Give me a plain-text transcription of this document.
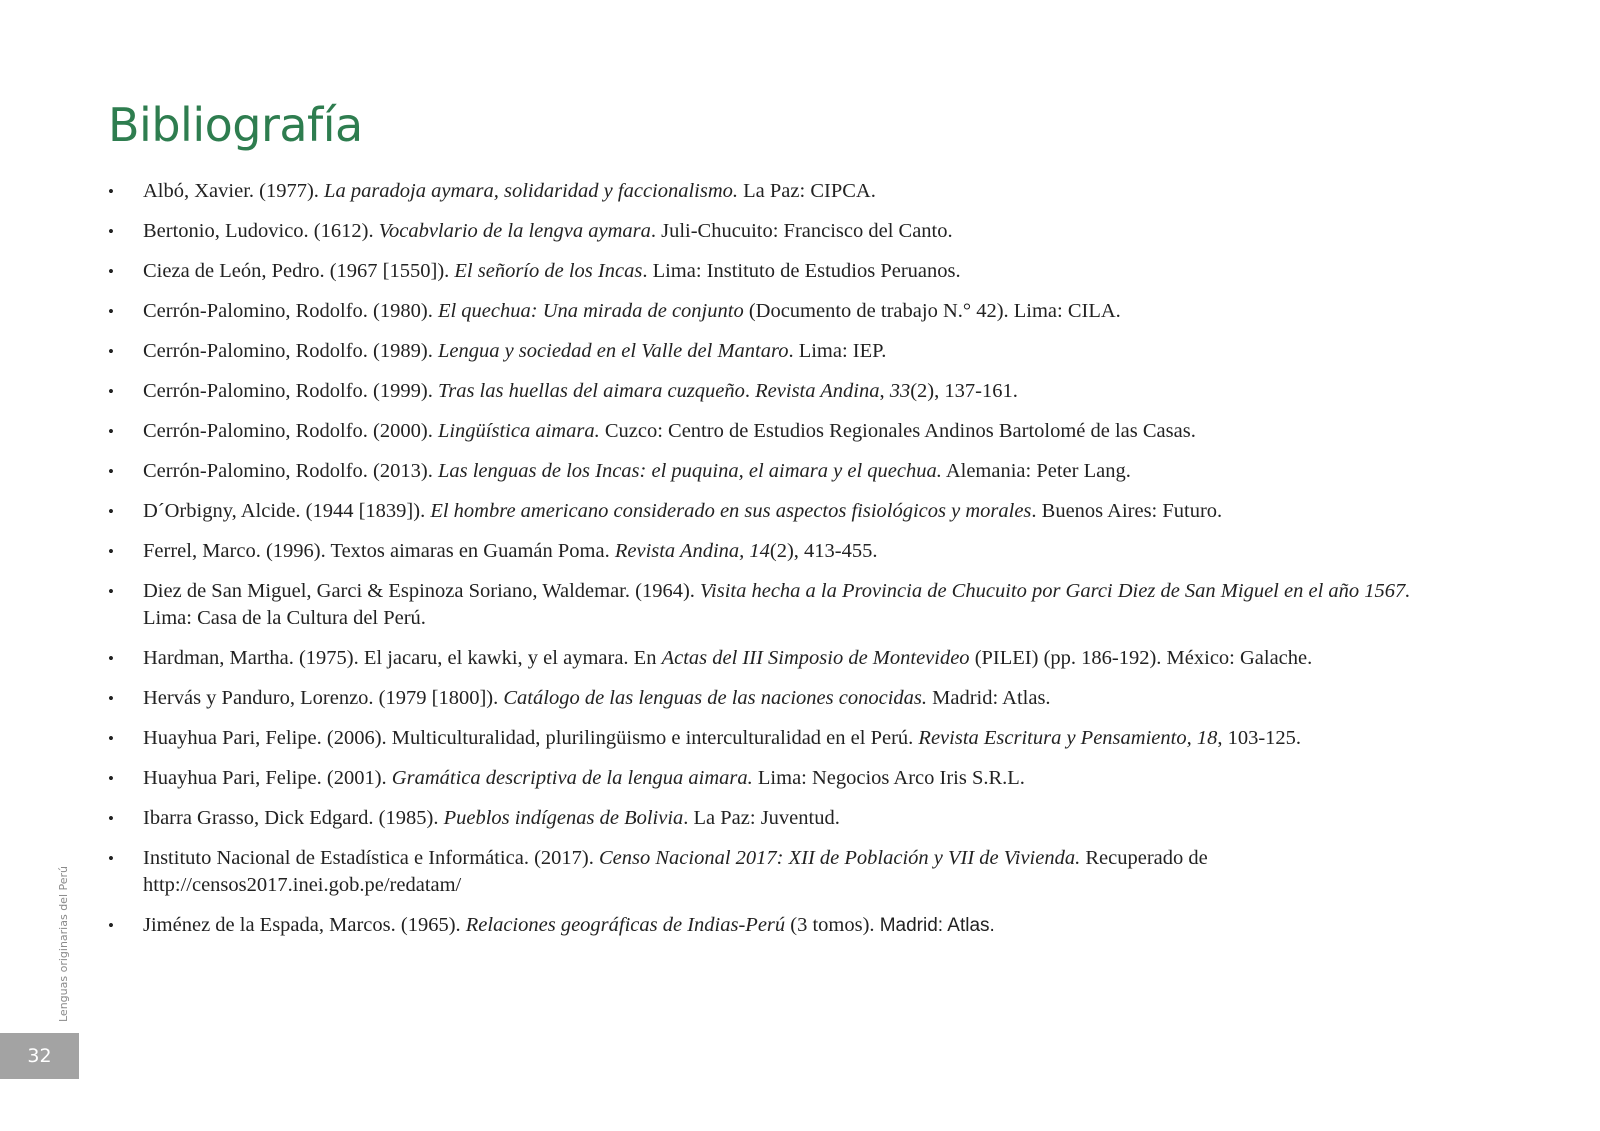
Bibliografía
• Albó, Xavier. (1977). La paradoja aymara, solidaridad y faccionalismo. La Paz: CIPCA.
• Bertonio, Ludovico. (1612). Vocabvlario de la lengva aymara. Juli-Chucuito: Francisco del Canto.
• Cieza de León, Pedro. (1967 [1550]). El señorío de los Incas. Lima: Instituto de Estudios Peruanos.
• Cerrón-Palomino, Rodolfo. (1980). El quechua: Una mirada de conjunto (Documento de trabajo N.° 42). Lima: CILA.
• Cerrón-Palomino, Rodolfo. (1989). Lengua y sociedad en el Valle del Mantaro. Lima: IEP.
• Cerrón-Palomino, Rodolfo. (1999). Tras las huellas del aimara cuzqueño. Revista Andina, 33(2), 137-161.
• Cerrón-Palomino, Rodolfo. (2000). Lingüística aimara. Cuzco: Centro de Estudios Regionales Andinos Bartolomé de las Casas.
• Cerrón-Palomino, Rodolfo. (2013). Las lenguas de los Incas: el puquina, el aimara y el quechua. Alemania: Peter Lang.
• D´Orbigny, Alcide. (1944 [1839]). El hombre americano considerado en sus aspectos fisiológicos y morales. Buenos Aires: Futuro.
• Ferrel, Marco. (1996). Textos aimaras en Guamán Poma. Revista Andina, 14(2), 413-455.
• Diez de San Miguel, Garci & Espinoza Soriano, Waldemar. (1964). Visita hecha a la Provincia de Chucuito por Garci Diez de San Miguel en el año 1567. Lima: Casa de la Cultura del Perú.
• Hardman, Martha. (1975). El jacaru, el kawki, y el aymara. En Actas del III Simposio de Montevideo (PILEI) (pp. 186-192). México: Galache.
• Hervás y Panduro, Lorenzo. (1979 [1800]). Catálogo de las lenguas de las naciones conocidas. Madrid: Atlas.
• Huayhua Pari, Felipe. (2006). Multiculturalidad, plurilingüismo e interculturalidad en el Perú. Revista Escritura y Pensamiento, 18, 103-125.
• Huayhua Pari, Felipe. (2001). Gramática descriptiva de la lengua aimara. Lima: Negocios Arco Iris S.R.L.
• Ibarra Grasso, Dick Edgard. (1985). Pueblos indígenas de Bolivia. La Paz: Juventud.
• Instituto Nacional de Estadística e Informática. (2017). Censo Nacional 2017: XII de Población y VII de Vivienda. Recuperado de http://censos2017.inei.gob.pe/redatam/
• Jiménez de la Espada, Marcos. (1965). Relaciones geográficas de Indias-Perú (3 tomos). Madrid: Atlas.
Lenguas originarias del Perú
32
